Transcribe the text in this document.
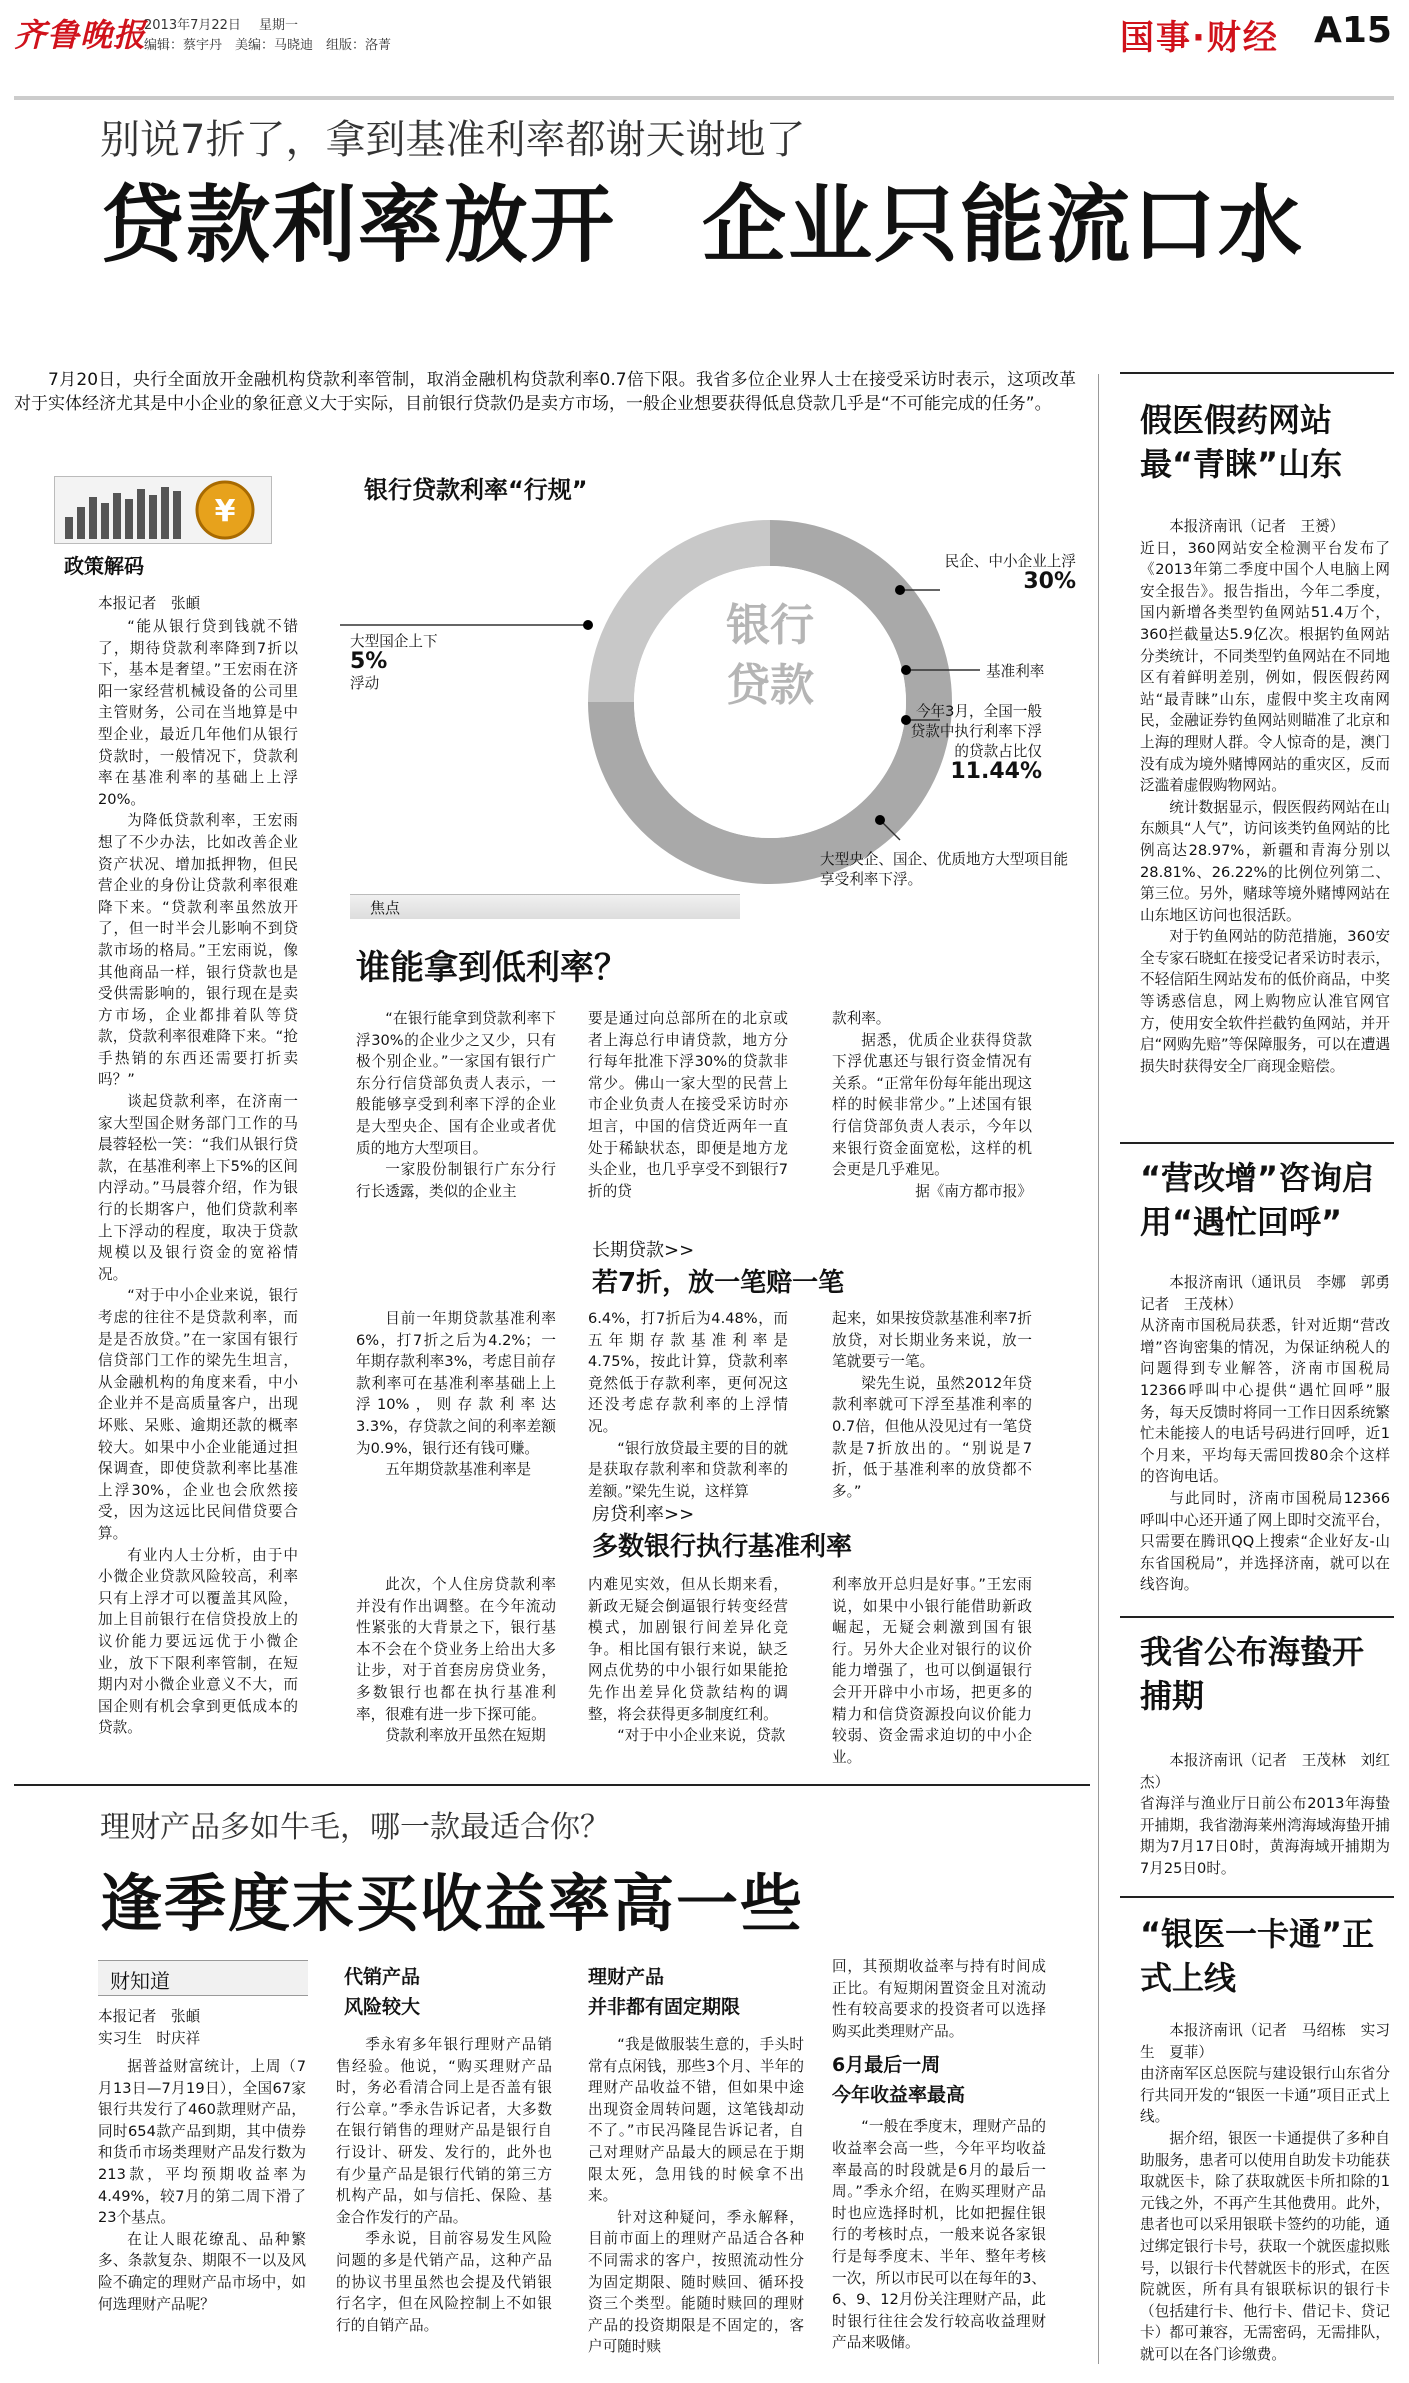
齐鲁晚报
2013年7月22日 星期一
编辑：蔡宇丹　美编：马晓迪　组版：洛菁	国事·财经 A15
别说7折了，拿到基准利率都谢天谢地了
贷款利率放开　企业只能流口水

7月20日，央行全面放开金融机构贷款利率管制，取消金融机构贷款利率0.7倍下限。我省多位企业界人士在接受采访时表示，这项改革对于实体经济尤其是中小企业的象征意义大于实际，目前银行贷款仍是卖方市场，一般企业想要获得低息贷款几乎是“不可能完成的任务”。

¥
政策解码
本报记者　张頔

“能从银行贷到钱就不错了，期待贷款利率降到7折以下，基本是奢望。”王宏雨在济阳一家经营机械设备的公司里主管财务，公司在当地算是中型企业，最近几年他们从银行贷款时，一般情况下，贷款利率在基准利率的基础上上浮20%。

为降低贷款利率，王宏雨想了不少办法，比如改善企业资产状况、增加抵押物，但民营企业的身份让贷款利率很难降下来。“贷款利率虽然放开了，但一时半会儿影响不到贷款市场的格局。”王宏雨说，像其他商品一样，银行贷款也是受供需影响的，银行现在是卖方市场，企业都排着队等贷款，贷款利率很难降下来。“抢手热销的东西还需要打折卖吗？”

谈起贷款利率，在济南一家大型国企财务部门工作的马晨蓉轻松一笑：“我们从银行贷款，在基准利率上下5%的区间内浮动。”马晨蓉介绍，作为银行的长期客户，他们贷款利率上下浮动的程度，取决于贷款规模以及银行资金的宽裕情况。

“对于中小企业来说，银行考虑的往往不是贷款利率，而是是否放贷。”在一家国有银行信贷部门工作的梁先生坦言，从金融机构的角度来看，中小企业并不是高质量客户，出现坏账、呆账、逾期还款的概率较大。如果中小企业能通过担保调查，即使贷款利率比基准上浮30%，企业也会欣然接受，因为这远比民间借贷要合算。

有业内人士分析，由于中小微企业贷款风险较高，利率只有上浮才可以覆盖其风险，加上目前银行在信贷投放上的议价能力要远远优于小微企业，放下下限利率管制，在短期内对小微企业意义不大，而国企则有机会拿到更低成本的贷款。

银行贷款利率“行规”
银行
贷款
民企、中小企业上浮30%
大型国企上下5%
浮动
基准利率
今年3月，全国一般贷款中执行利率下浮的贷款占比仅11.44%
大型央企、国企、优质地方大型项目能享受利率下浮。
焦点
谁能拿到低利率？

“在银行能拿到贷款利率下浮30%的企业少之又少，只有极个别企业。”一家国有银行广东分行信贷部负责人表示，一般能够享受到利率下浮的企业是大型央企、国有企业或者优质的地方大型项目。

一家股份制银行广东分行行长透露，类似的企业主

要是通过向总部所在的北京或者上海总行申请贷款，地方分行每年批准下浮30%的贷款非常少。佛山一家大型的民营上市企业负责人在接受采访时亦坦言，中国的信贷近两年一直处于稀缺状态，即便是地方龙头企业，也几乎享受不到银行7折的贷

款利率。

据悉，优质企业获得贷款下浮优惠还与银行资金情况有关系。“正常年份每年能出现这样的时候非常少。”上述国有银行信贷部负责人表示，今年以来银行资金面宽松，这样的机会更是几乎难见。

据《南方都市报》

长期贷款>>
若7折，放一笔赔一笔

目前一年期贷款基准利率6%，打7折之后为4.2%；一年期存款利率3%，考虑目前存款利率可在基准利率基础上上浮10%，则存款利率达3.3%，存贷款之间的利率差额为0.9%，银行还有钱可赚。

五年期贷款基准利率是

6.4%，打7折后为4.48%，而五年期存款基准利率是4.75%，按此计算，贷款利率竟然低于存款利率，更何况这还没考虑存款利率的上浮情况。

“银行放贷最主要的目的就是获取存款利率和贷款利率的差额。”梁先生说，这样算

起来，如果按贷款基准利率7折放贷，对长期业务来说，放一笔就要亏一笔。

梁先生说，虽然2012年贷款利率就可下浮至基准利率的0.7倍，但他从没见过有一笔贷款是7折放出的。“别说是7折，低于基准利率的放贷都不多。”

房贷利率>>
多数银行执行基准利率

此次，个人住房贷款利率并没有作出调整。在今年流动性紧张的大背景之下，银行基本不会在个贷业务上给出大多让步，对于首套房房贷业务，多数银行也都在执行基准利率，很难有进一步下探可能。

贷款利率放开虽然在短期

内难见实效，但从长期来看，新政无疑会倒逼银行转变经营模式，加剧银行间差异化竞争。相比国有银行来说，缺乏网点优势的中小银行如果能抢先作出差异化贷款结构的调整，将会获得更多制度红利。

“对于中小企业来说，贷款

利率放开总归是好事。”王宏雨说，如果中小银行能借助新政崛起，无疑会刺激到国有银行。另外大企业对银行的议价能力增强了，也可以倒逼银行会开开辟中小市场，把更多的精力和信贷资源投向议价能力较弱、资金需求迫切的中小企业。

假医假药网站最“青睐”山东

本报济南讯（记者　王赟）

近日，360网站安全检测平台发布了《2013年第二季度中国个人电脑上网安全报告》。报告指出，今年二季度，国内新增各类型钓鱼网站51.4万个，360拦截量达5.9亿次。根据钓鱼网站分类统计，不同类型钓鱼网站在不同地区有着鲜明差别，例如，假医假药网站“最青睐”山东，虚假中奖主攻南网民，金融证券钓鱼网站则瞄准了北京和上海的理财人群。令人惊奇的是，澳门没有成为境外赌博网站的重灾区，反而泛滥着虚假购物网站。

统计数据显示，假医假药网站在山东颇具“人气”，访问该类钓鱼网站的比例高达28.97%，新疆和青海分别以28.81%、26.22%的比例位列第二、第三位。另外，赌球等境外赌博网站在山东地区访问也很活跃。

对于钓鱼网站的防范措施，360安全专家石晓虹在接受记者采访时表示，不轻信陌生网站发布的低价商品，中奖等诱惑信息，网上购物应认准官网官方，使用安全软件拦截钓鱼网站，并开启“网购先赔”等保障服务，可以在遭遇损失时获得安全厂商现金赔偿。

“营改增”咨询启用“遇忙回呼”

本报济南讯（通讯员　李娜　郭勇　记者　王茂林）

从济南市国税局获悉，针对近期“营改增”咨询密集的情况，为保证纳税人的问题得到专业解答，济南市国税局12366呼叫中心提供“遇忙回呼”服务，每天反馈时将同一工作日因系统繁忙未能接人的电话号码进行回呼，近1个月来，平均每天需回拨80余个这样的咨询电话。

与此同时，济南市国税局12366呼叫中心还开通了网上即时交流平台，只需要在腾讯QQ上搜索“企业好友-山东省国税局”，并选择济南，就可以在线咨询。

我省公布海蛰开捕期

本报济南讯（记者　王茂林　刘红杰）

省海洋与渔业厅日前公布2013年海蛰开捕期，我省渤海莱州湾海域海蛰开捕期为7月17日0时，黄海海域开捕期为7月25日0时。

“银医一卡通”正式上线

本报济南讯（记者　马绍栋　实习生　夏菲）

由济南军区总医院与建设银行山东省分行共同开发的“银医一卡通”项目正式上线。

据介绍，银医一卡通提供了多种自助服务，患者可以使用自助发卡功能获取就医卡，除了获取就医卡所扣除的1元钱之外，不再产生其他费用。此外，患者也可以采用银联卡签约的功能，通过绑定银行卡号，获取一个就医虚拟账号，以银行卡代替就医卡的形式，在医院就医，所有具有银联标识的银行卡（包括建行卡、他行卡、借记卡、贷记卡）都可兼容，无需密码，无需排队，就可以在各门诊缴费。

理财产品多如牛毛，哪一款最适合你？
逢季度末买收益率高一些
财知道
本报记者　张頔
实习生　时庆祥

据普益财富统计，上周（7月13日—7月19日），全国67家银行共发行了460款理财产品，同时654款产品到期，其中债券和货币市场类理财产品发行数为213款，平均预期收益率为4.49%，较7月的第二周下滑了23个基点。

在让人眼花缭乱、品种繁多、条款复杂、期限不一以及风险不确定的理财产品市场中，如何选理财产品呢？

代销产品
风险较大

季永宥多年银行理财产品销售经验。他说，“购买理财产品时，务必看清合同上是否盖有银行公章。”季永告诉记者，大多数在银行销售的理财产品是银行自行设计、研发、发行的，此外也有少量产品是银行代销的第三方机构产品，如与信托、保险、基金合作发行的产品。

季永说，目前容易发生风险问题的多是代销产品，这种产品的协议书里虽然也会提及代销银行名字，但在风险控制上不如银行的自销产品。

理财产品
并非都有固定期限

“我是做服装生意的，手头时常有点闲钱，那些3个月、半年的理财产品收益不错，但如果中途出现资金周转问题，这笔钱却动不了。”市民冯隆昆告诉记者，自己对理财产品最大的顾忌在于期限太死，急用钱的时候拿不出来。

针对这种疑问，季永解释，目前市面上的理财产品适合各种不同需求的客户，按照流动性分为固定期限、随时赎回、循环投资三个类型。能随时赎回的理财产品的投资期限是不固定的，客户可随时赎

回，其预期收益率与持有时间成正比。有短期闲置资金且对流动性有较高要求的投资者可以选择购买此类理财产品。

6月最后一周
今年收益率最高

“一般在季度末，理财产品的收益率会高一些，今年平均收益率最高的时段就是6月的最后一周。”季永介绍，在购买理财产品时也应选择时机，比如把握住银行的考核时点，一般来说各家银行是每季度末、半年、整年考核一次，所以市民可以在每年的3、6、9、12月份关注理财产品，此时银行往往会发行较高收益理财产品来吸储。
